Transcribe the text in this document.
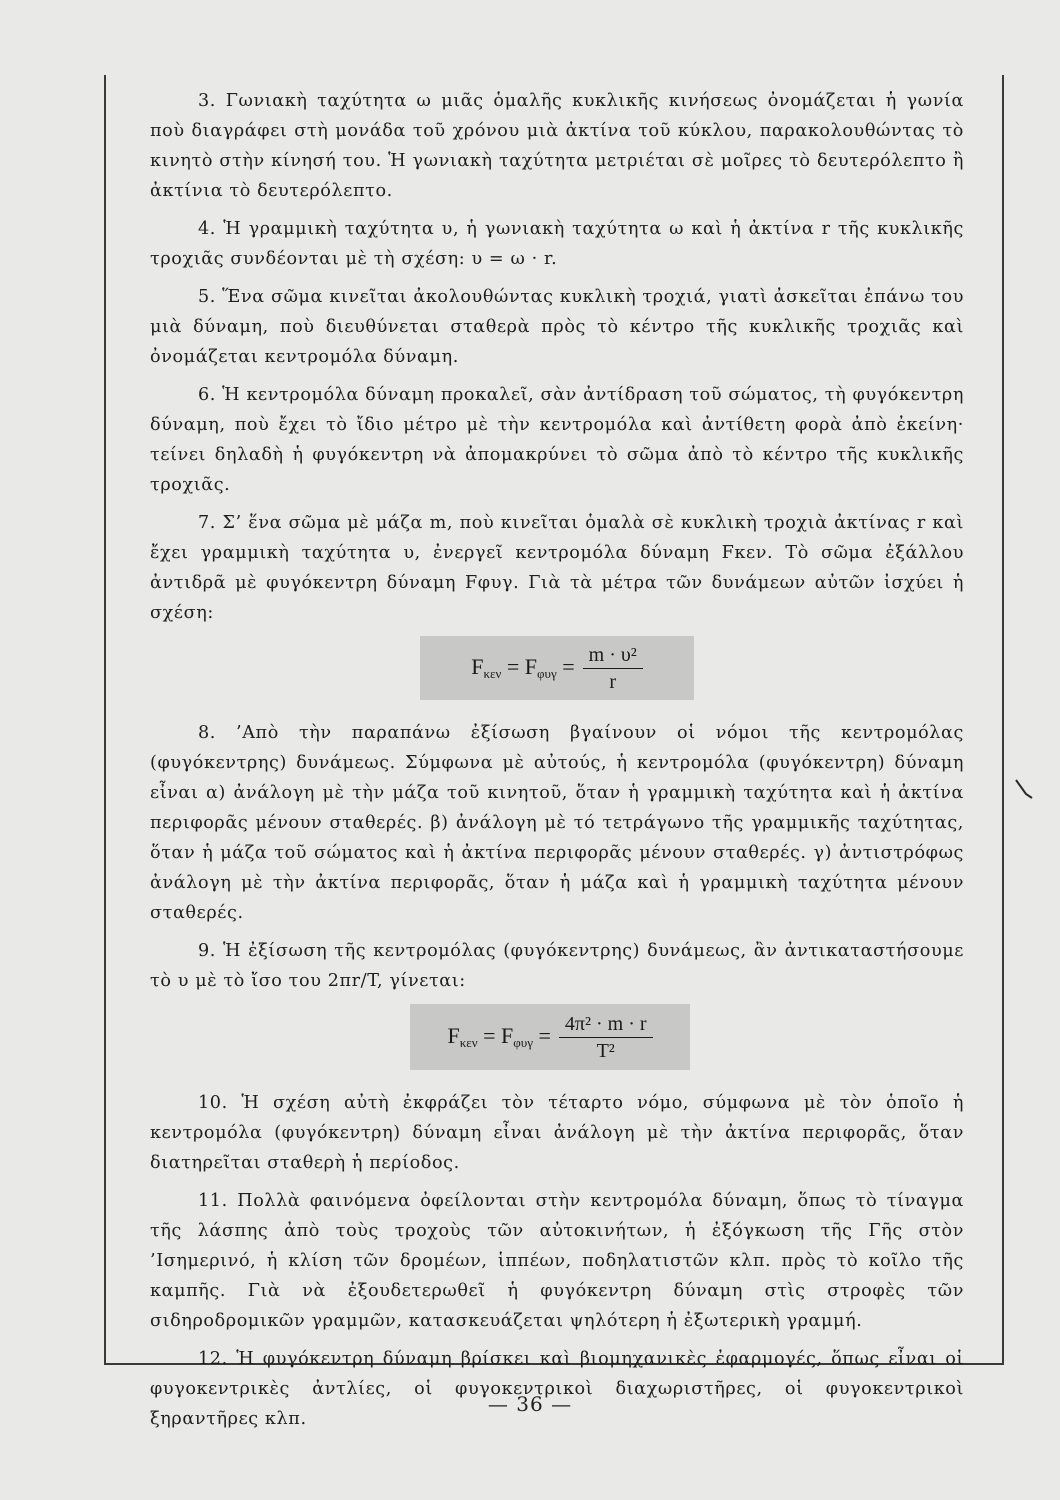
3. Γωνιακὴ ταχύτητα ω μιᾶς ὁμαλῆς κυκλικῆς κινήσεως ὀνομάζεται ἡ γωνία ποὺ διαγράφει στὴ μονάδα τοῦ χρόνου μιὰ ἀκτίνα τοῦ κύκλου, παρακολουθώντας τὸ κινητὸ στὴν κίνησή του. Ἡ γωνιακὴ ταχύτητα μετριέται σὲ μοῖρες τὸ δευτερόλεπτο ἢ ἀκτίνια τὸ δευτερόλεπτο.

4. Ἡ γραμμικὴ ταχύτητα υ, ἡ γωνιακὴ ταχύτητα ω καὶ ἡ ἀκτίνα r τῆς κυκλικῆς τροχιᾶς συνδέονται μὲ τὴ σχέση: υ = ω · r.

5. Ἕνα σῶμα κινεῖται ἀκολουθώντας κυκλικὴ τροχιά, γιατὶ ἀσκεῖται ἐπάνω του μιὰ δύναμη, ποὺ διευθύνεται σταθερὰ πρὸς τὸ κέντρο τῆς κυκλικῆς τροχιᾶς καὶ ὀνομάζεται κεντρομόλα δύναμη.

6. Ἡ κεντρομόλα δύναμη προκαλεῖ, σὰν ἀντίδραση τοῦ σώματος, τὴ φυγόκεντρη δύναμη, ποὺ ἔχει τὸ ἴδιο μέτρο μὲ τὴν κεντρομόλα καὶ ἀντίθετη φορὰ ἀπὸ ἐκείνη· τείνει δηλαδὴ ἡ φυγόκεντρη νὰ ἀπομακρύνει τὸ σῶμα ἀπὸ τὸ κέντρο τῆς κυκλικῆς τροχιᾶς.

7. Σ’ ἕνα σῶμα μὲ μάζα m, ποὺ κινεῖται ὁμαλὰ σὲ κυκλικὴ τροχιὰ ἀκτίνας r καὶ ἔχει γραμμικὴ ταχύτητα υ, ἐνεργεῖ κεντρομόλα δύναμη Fκεν. Τὸ σῶμα ἐξάλλου ἀντιδρᾶ μὲ φυγόκεντρη δύναμη Fφυγ. Γιὰ τὰ μέτρα τῶν δυνάμεων αὐτῶν ἰσχύει ἡ σχέση:

$F\kappa\varepsilon\nu = F\varphi\upsilon\gamma = \frac{\text{m · υ²}}{r}$

8. ’Απὸ τὴν παραπάνω ἐξίσωση βγαίνουν οἱ νόμοι τῆς κεντρομόλας (φυγόκεντρης) δυνάμεως. Σύμφωνα μὲ αὐτούς, ἡ κεντρομόλα (φυγόκεντρη) δύναμη εἶναι α) ἀνάλογη μὲ τὴν μάζα τοῦ κινητοῦ, ὅταν ἡ γραμμικὴ ταχύτητα καὶ ἡ ἀκτίνα περιφορᾶς μένουν σταθερές. β) ἀνάλογη μὲ τό τετράγωνο τῆς γραμμικῆς ταχύτητας, ὅταν ἡ μάζα τοῦ σώματος καὶ ἡ ἀκτίνα περιφορᾶς μένουν σταθερές. γ) ἀντιστρόφως ἀνάλογη μὲ τὴν ἀκτίνα περιφορᾶς, ὅταν ἡ μάζα καὶ ἡ γραμμικὴ ταχύτητα μένουν σταθερές.

9. Ἡ ἐξίσωση τῆς κεντρομόλας (φυγόκεντρης) δυνάμεως, ἂν ἀντικαταστήσουμε τὸ υ μὲ τὸ ἴσο του 2πr/T, γίνεται:

$F\kappa\varepsilon\nu = F\varphi\upsilon\gamma = \frac{\text{4π² · m · r}}{\text{T²}}$

10. Ἡ σχέση αὐτὴ ἐκφράζει τὸν τέταρτο νόμο, σύμφωνα μὲ τὸν ὁποῖο ἡ κεντρομόλα (φυγόκεντρη) δύναμη εἶναι ἀνάλογη μὲ τὴν ἀκτίνα περιφορᾶς, ὅταν διατηρεῖται σταθερὴ ἡ περίοδος.

11. Πολλὰ φαινόμενα ὀφείλονται στὴν κεντρομόλα δύναμη, ὅπως τὸ τίναγμα τῆς λάσπης ἀπὸ τοὺς τροχοὺς τῶν αὐτοκινήτων, ἡ ἐξόγκωση τῆς Γῆς στὸν ’Ισημερινό, ἡ κλίση τῶν δρομέων, ἱππέων, ποδηλατιστῶν κλπ. πρὸς τὸ κοῖλο τῆς καμπῆς. Γιὰ νὰ ἐξουδετερωθεῖ ἡ φυγόκεντρη δύναμη στὶς στροφὲς τῶν σιδηροδρομικῶν γραμμῶν, κατασκευάζεται ψηλότερη ἡ ἐξωτερικὴ γραμμή.

12. Ἡ φυγόκεντρη δύναμη βρίσκει καὶ βιομηχανικὲς ἐφαρμογές, ὅπως εἶναι οἱ φυγοκεντρικὲς ἀντλίες, οἱ φυγοκεντρικοὶ διαχωριστῆρες, οἱ φυγοκεντρικοὶ ξηραντῆρες κλπ.

— 36 —
